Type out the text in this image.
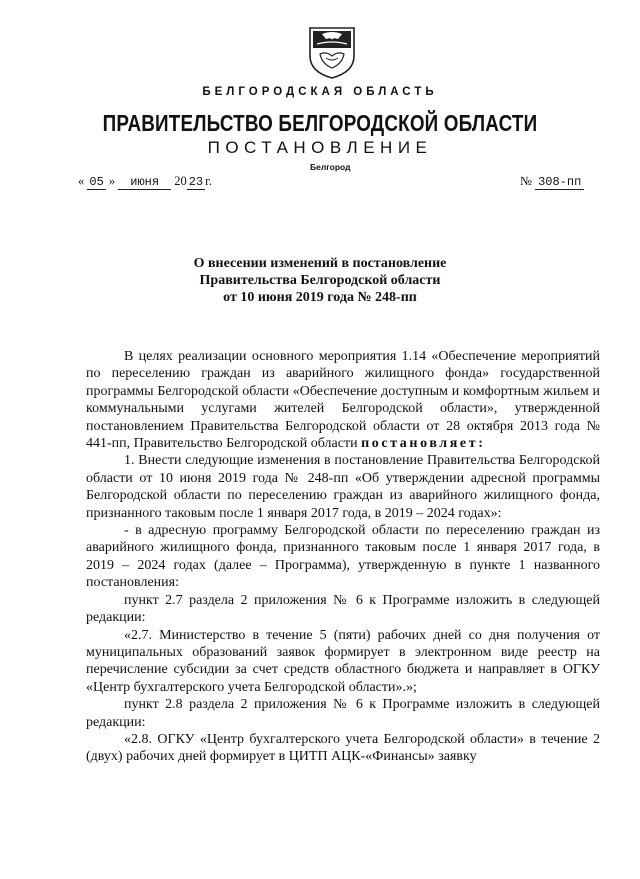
БЕЛГОРОДСКАЯ ОБЛАСТЬ
ПРАВИТЕЛЬСТВО БЕЛГОРОДСКОЙ ОБЛАСТИ
ПОСТАНОВЛЕНИЕ
Белгород
« 05 » июня 20 23 г.	№ 308-пп
О внесении изменений в постановление
Правительства Белгородской области
от 10 июня 2019 года № 248-пп

В целях реализации основного мероприятия 1.14 «Обеспечение мероприятий по переселению граждан из аварийного жилищного фонда» государственной программы Белгородской области «Обеспечение доступным и комфортным жильем и коммунальными услугами жителей Белгородской области», утвержденной постановлением Правительства Белгородской области от 28 октября 2013 года № 441-пп, Правительство Белгородской области постановляет:

1. Внести следующие изменения в постановление Правительства Белгородской области от 10 июня 2019 года № 248-пп «Об утверждении адресной программы Белгородской области по переселению граждан из аварийного жилищного фонда, признанного таковым после 1 января 2017 года, в 2019 – 2024 годах»:

- в адресную программу Белгородской области по переселению граждан из аварийного жилищного фонда, признанного таковым после 1 января 2017 года, в 2019 – 2024 годах (далее – Программа), утвержденную в пункте 1 названного постановления:

пункт 2.7 раздела 2 приложения № 6 к Программе изложить в следующей редакции:

«2.7. Министерство в течение 5 (пяти) рабочих дней со дня получения от муниципальных образований заявок формирует в электронном виде реестр на перечисление субсидии за счет средств областного бюджета и направляет в ОГКУ «Центр бухгалтерского учета Белгородской области».»;

пункт 2.8 раздела 2 приложения № 6 к Программе изложить в следующей редакции:

«2.8. ОГКУ «Центр бухгалтерского учета Белгородской области» в течение 2 (двух) рабочих дней формирует в ЦИТП АЦК-«Финансы» заявку
